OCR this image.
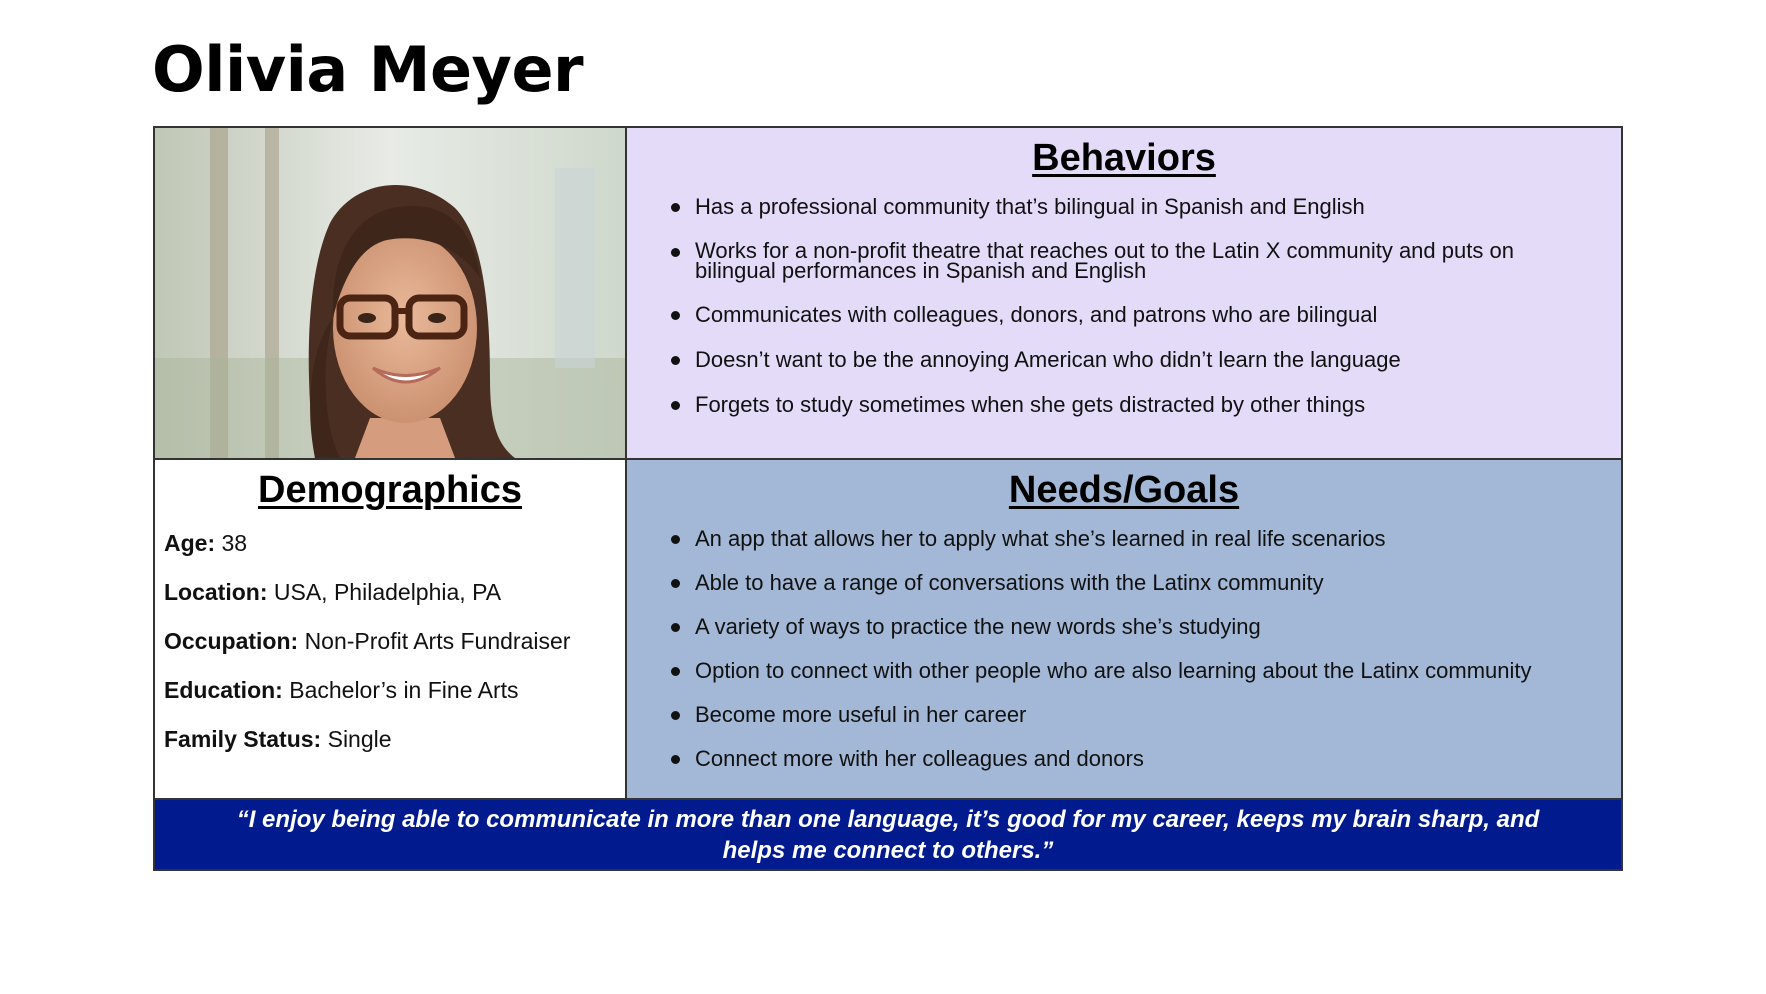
Olivia Meyer
Behaviors
Has a professional community that’s bilingual in Spanish and English
Works for a non-profit theatre that reaches out to the Latin X community and puts on bilingual performances in Spanish and English
Communicates with colleagues, donors, and patrons who are bilingual
Doesn’t want to be the annoying American who didn’t learn the language
Forgets to study sometimes when she gets distracted by other things
Demographics
Age: 38
Location: USA, Philadelphia, PA
Occupation: Non-Profit Arts Fundraiser
Education: Bachelor’s in Fine Arts
Family Status: Single
Needs/Goals
An app that allows her to apply what she’s learned in real life scenarios
Able to have a range of conversations with the Latinx community
A variety of ways to practice the new words she’s studying
Option to connect with other people who are also learning about the Latinx community
Become more useful in her career
Connect more with her colleagues and donors
“I enjoy being able to communicate in more than one language, it’s good for my career, keeps my brain sharp, and
helps me connect to others.”
